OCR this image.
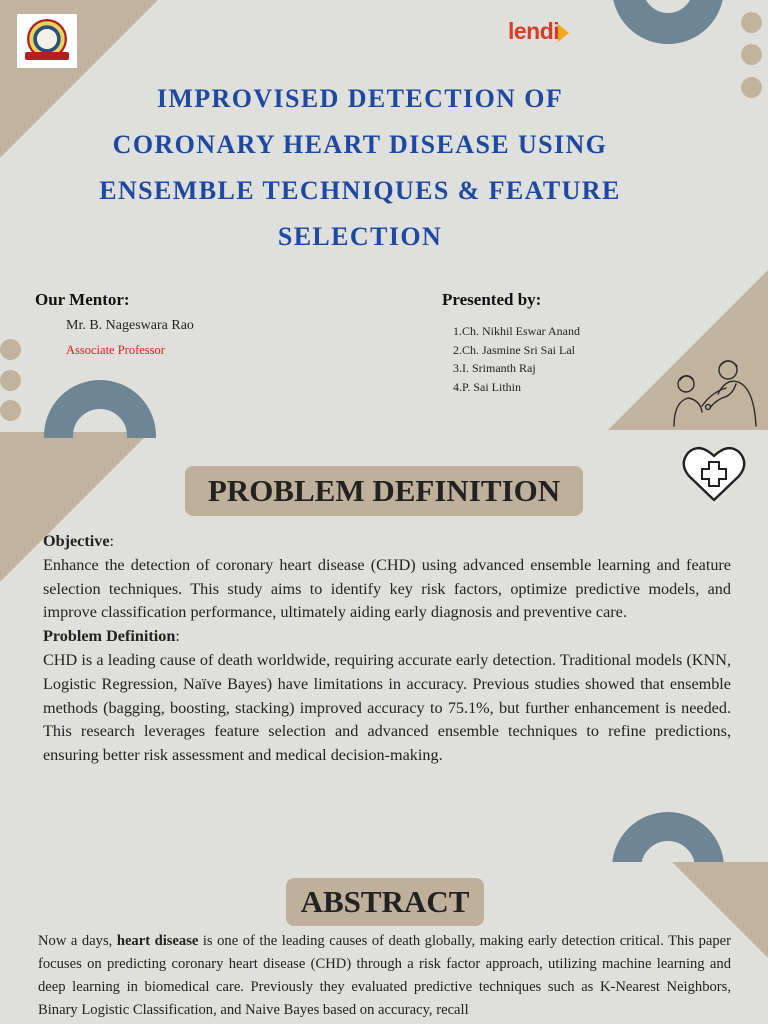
lendi
IMPROVISED DETECTION OF
CORONARY HEART DISEASE USING
ENSEMBLE TECHNIQUES & FEATURE
SELECTION
Our Mentor:
Mr. B. Nageswara Rao
Associate Professor
Presented by:
1.Ch. Nikhil Eswar Anand
2.Ch. Jasmine Sri Sai Lal
3.I. Srimanth Raj
4.P. Sai Lithin
PROBLEM DEFINITION

Objective:

Enhance the detection of coronary heart disease (CHD) using advanced ensemble learning and feature selection techniques. This study aims to identify key risk factors, optimize predictive models, and improve classification performance, ultimately aiding early diagnosis and preventive care.

Problem Definition:

CHD is a leading cause of death worldwide, requiring accurate early detection. Traditional models (KNN, Logistic Regression, Naïve Bayes) have limitations in accuracy. Previous studies showed that ensemble methods (bagging, boosting, stacking) improved accuracy to 75.1%, but further enhancement is needed. This research leverages feature selection and advanced ensemble techniques to refine predictions, ensuring better risk assessment and medical decision-making.

ABSTRACT

Now a days, heart disease is one of the leading causes of death globally, making early detection critical. This paper focuses on predicting coronary heart disease (CHD) through a risk factor approach, utilizing machine learning and deep learning in biomedical care. Previously they evaluated predictive techniques such as K-Nearest Neighbors, Binary Logistic Classification, and Naive Bayes based on accuracy, recall
